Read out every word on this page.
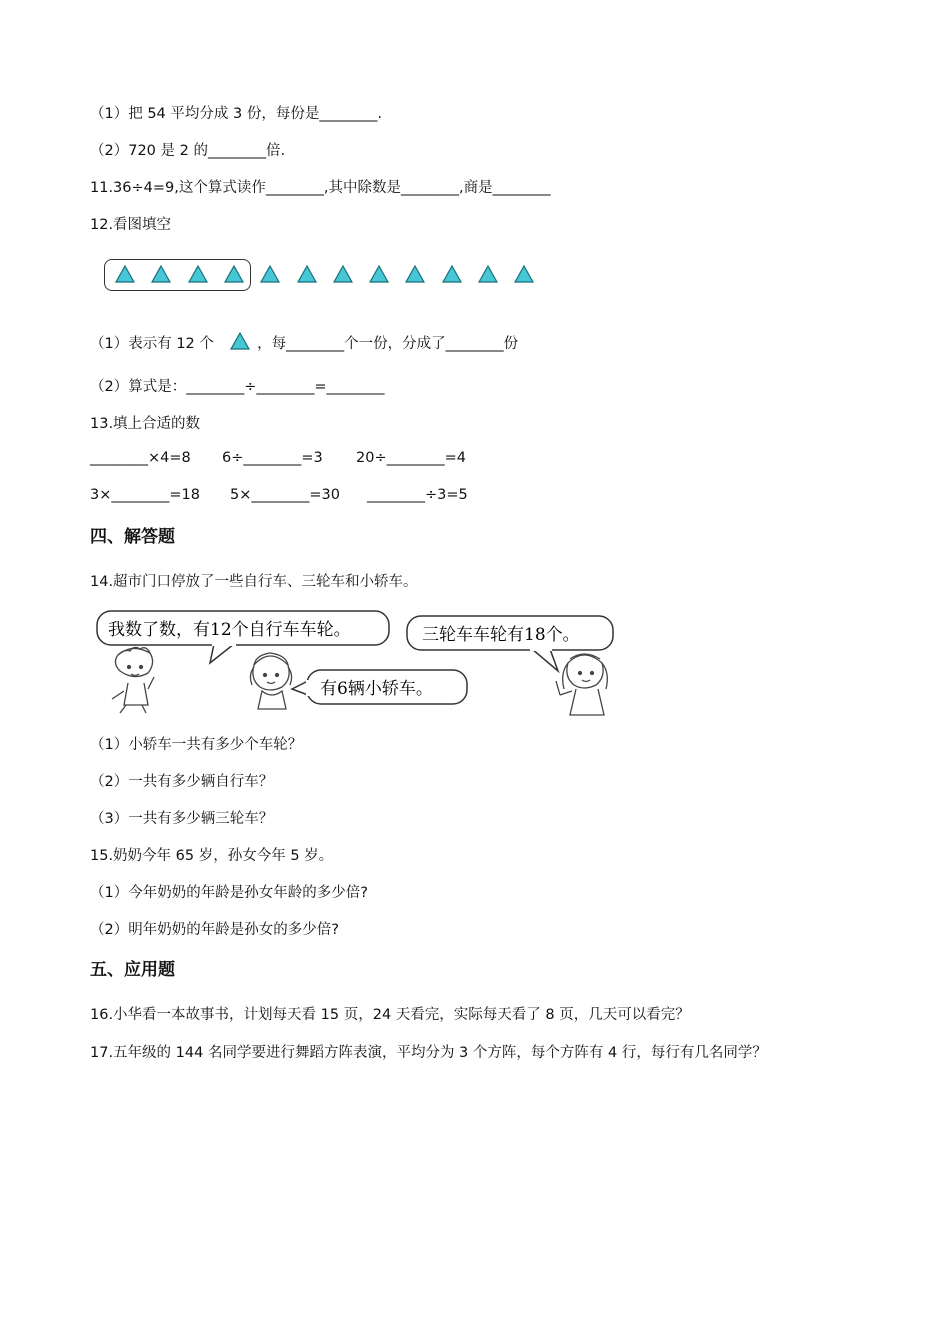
（1）把 54 平均分成 3 份，每份是________.
（2）720 是 2 的________倍.
11.36÷4=9,这个算式读作________,其中除数是________,商是________
12.看图填空
（1）表示有 12 个	，每________个一份，分成了________份
（2）算式是：________÷________=________
13.填上合适的数
________×4=8 6÷________=3 20÷________=4
3×________=18 5×________=30 ________÷3=5
四、解答题
14.超市门口停放了一些自行车、三轮车和小轿车。
我数了数，有12个自行车车轮。	三轮车车轮有18个。
有6辆小轿车。
（1）小轿车一共有多少个车轮？
（2）一共有多少辆自行车？
（3）一共有多少辆三轮车？
15.奶奶今年 65 岁，孙女今年 5 岁。
（1）今年奶奶的年龄是孙女年龄的多少倍?
（2）明年奶奶的年龄是孙女的多少倍?
五、应用题
16.小华看一本故事书，计划每天看 15 页，24 天看完，实际每天看了 8 页，几天可以看完？
17.五年级的 144 名同学要进行舞蹈方阵表演，平均分为 3 个方阵，每个方阵有 4 行，每行有几名同学？
